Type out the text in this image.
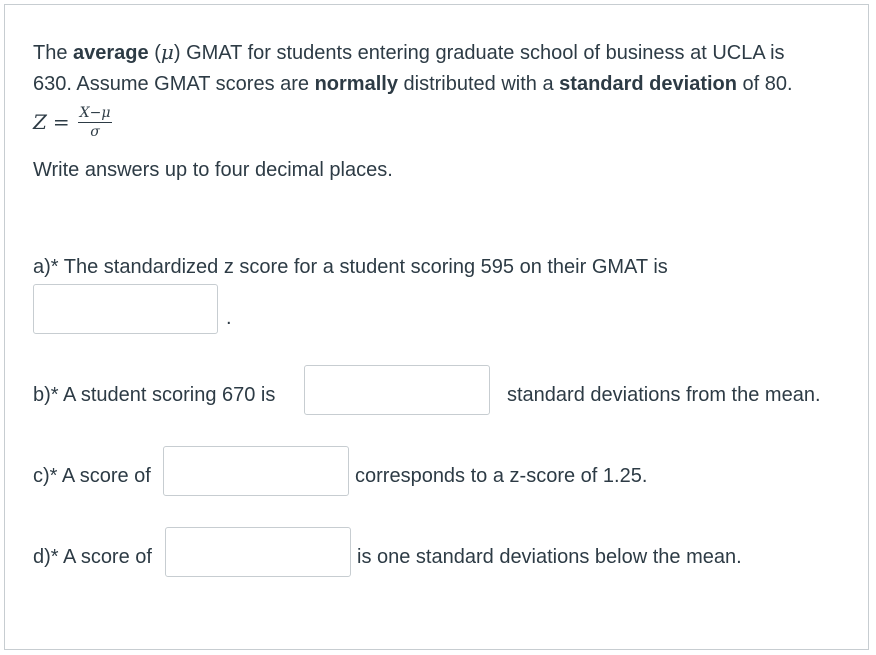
The average (μ) GMAT for students entering graduate school of business at UCLA is
630. Assume GMAT scores are normally distributed with a standard deviation of 80.
$Z = \frac{X-\mu}{\sigma}$
Write answers up to four decimal places.
a)* The standardized z score for a student scoring 595 on their GMAT is
.
b)* A student scoring 670 is	standard deviations from the mean.
c)* A score of	corresponds to a z-score of 1.25.
d)* A score of	is one standard deviations below the mean.
